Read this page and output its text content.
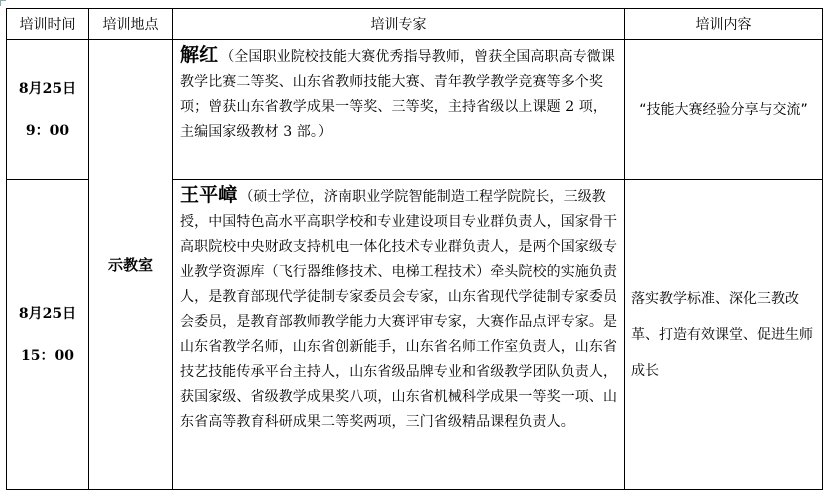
培训时间	培训地点	培训专家	培训内容

8月25日
9：00	示教室	解红 （全国职业院校技能大赛优秀指导教师，曾获全国高职高专微课教学比赛二等奖、山东省教师技能大赛、青年教学教学竞赛等多个奖项；曾获山东省教学成果一等奖、三等奖，主持省级以上课题 2 项，主编国家级教材 3 部。）	“技能大赛经验分享与交流”

8月25日
15：00		王平嶂 （硕士学位，济南职业学院智能制造工程学院院长，三级教授，中国特色高水平高职学校和专业建设项目专业群负责人，国家骨干高职院校中央财政支持机电一体化技术专业群负责人，是两个国家级专业教学资源库（飞行器维修技术、电梯工程技术）牵头院校的实施负责人，是教育部现代学徒制专家委员会专家，山东省现代学徒制专家委员会委员，是教育部教师教学能力大赛评审专家，大赛作品点评专家。是山东省教学名师，山东省创新能手，山东省名师工作室负责人，山东省技艺技能传承平台主持人，山东省级品牌专业和省级教学团队负责人，获国家级、省级教学成果奖八项，山东省机械科学成果一等奖一项、山东省高等教育科研成果二等奖两项，三门省级精品课程负责人。	落实教学标准、深化三教改革、打造有效课堂、促进生师成长
